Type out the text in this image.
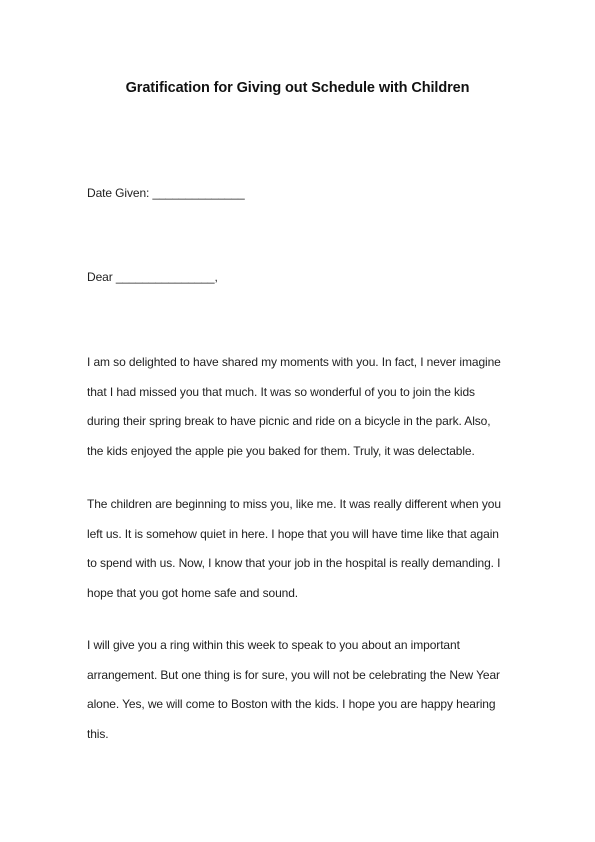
Gratification for Giving out Schedule with Children

Date Given: ______________

Dear _______________,

I am so delighted to have shared my moments with you. In fact, I never imagine
that I had missed you that much. It was so wonderful of you to join the kids
during their spring break to have picnic and ride on a bicycle in the park. Also,
the kids enjoyed the apple pie you baked for them. Truly, it was delectable.
The children are beginning to miss you, like me. It was really different when you
left us. It is somehow quiet in here. I hope that you will have time like that again
to spend with us. Now, I know that your job in the hospital is really demanding. I
hope that you got home safe and sound.
I will give you a ring within this week to speak to you about an important
arrangement. But one thing is for sure, you will not be celebrating the New Year
alone. Yes, we will come to Boston with the kids. I hope you are happy hearing
this.
